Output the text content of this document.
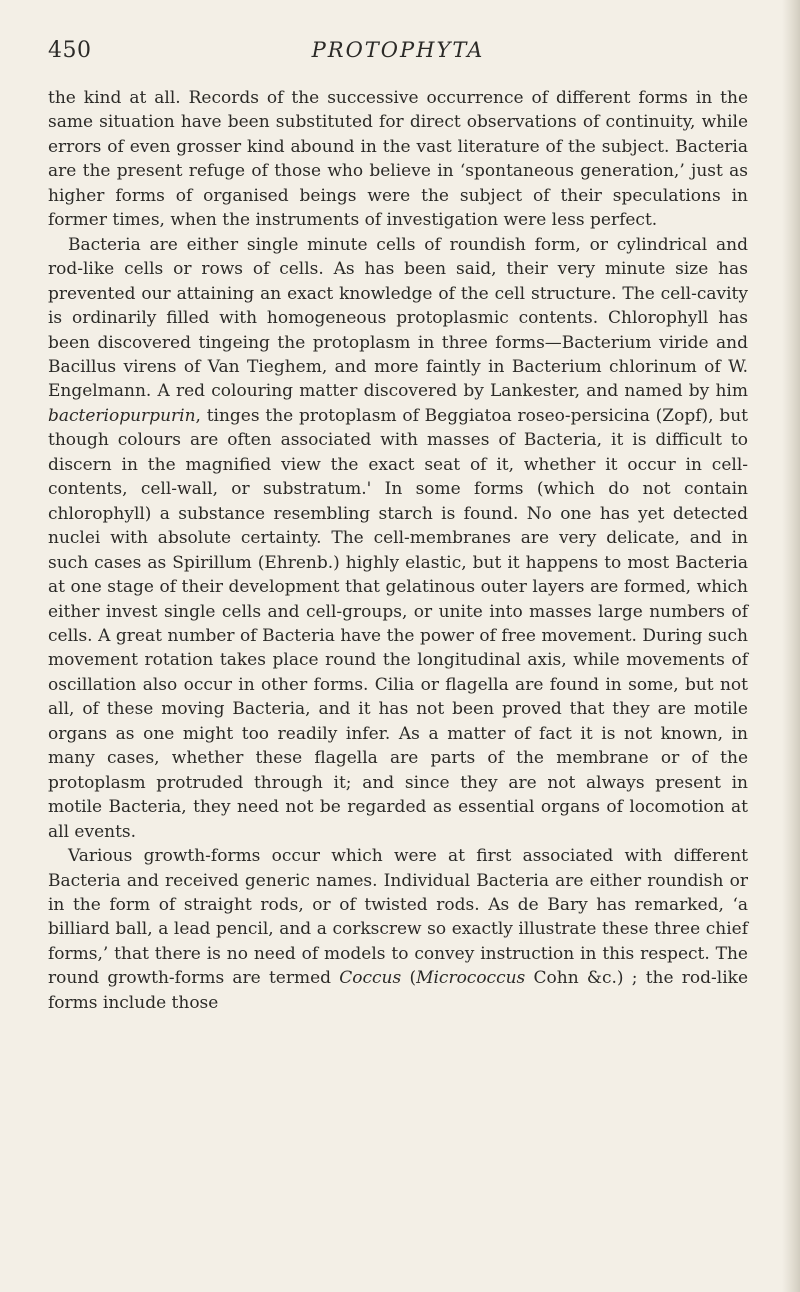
450	PROTOPHYTA

the kind at all. Records of the successive occurrence of different forms in the same situation have been substituted for direct observations of continuity, while errors of even grosser kind abound in the vast literature of the subject. Bacteria are the present refuge of those who believe in ‘spontaneous generation,’ just as higher forms of organised beings were the subject of their speculations in former times, when the instruments of investigation were less perfect.

Bacteria are either single minute cells of roundish form, or cylindrical and rod-like cells or rows of cells. As has been said, their very minute size has prevented our attaining an exact knowledge of the cell structure. The cell-cavity is ordinarily filled with homogeneous protoplasmic contents. Chlorophyll has been discovered tingeing the protoplasm in three forms—Bacterium viride and Bacillus virens of Van Tieghem, and more faintly in Bacterium chlorinum of W. Engelmann. A red colouring matter discovered by Lankester, and named by him bacteriopurpurin, tinges the protoplasm of Beggiatoa roseo-persicina (Zopf), but though colours are often associated with masses of Bacteria, it is difficult to discern in the magnified view the exact seat of it, whether it occur in cell-contents, cell-wall, or substratum.' In some forms (which do not contain chlorophyll) a substance resembling starch is found. No one has yet detected nuclei with absolute certainty. The cell-membranes are very delicate, and in such cases as Spirillum (Ehrenb.) highly elastic, but it happens to most Bacteria at one stage of their development that gelatinous outer layers are formed, which either invest single cells and cell-groups, or unite into masses large numbers of cells. A great number of Bacteria have the power of free movement. During such movement rotation takes place round the longitudinal axis, while movements of oscillation also occur in other forms. Cilia or flagella are found in some, but not all, of these moving Bacteria, and it has not been proved that they are motile organs as one might too readily infer. As a matter of fact it is not known, in many cases, whether these flagella are parts of the membrane or of the protoplasm protruded through it; and since they are not always present in motile Bacteria, they need not be regarded as essential organs of locomotion at all events.

Various growth-forms occur which were at first associated with different Bacteria and received generic names. Individual Bacteria are either roundish or in the form of straight rods, or of twisted rods. As de Bary has remarked, ‘a billiard ball, a lead pencil, and a corkscrew so exactly illustrate these three chief forms,’ that there is no need of models to convey instruction in this respect. The round growth-forms are termed Coccus (Micrococcus Cohn &c.) ; the rod-like forms include those
